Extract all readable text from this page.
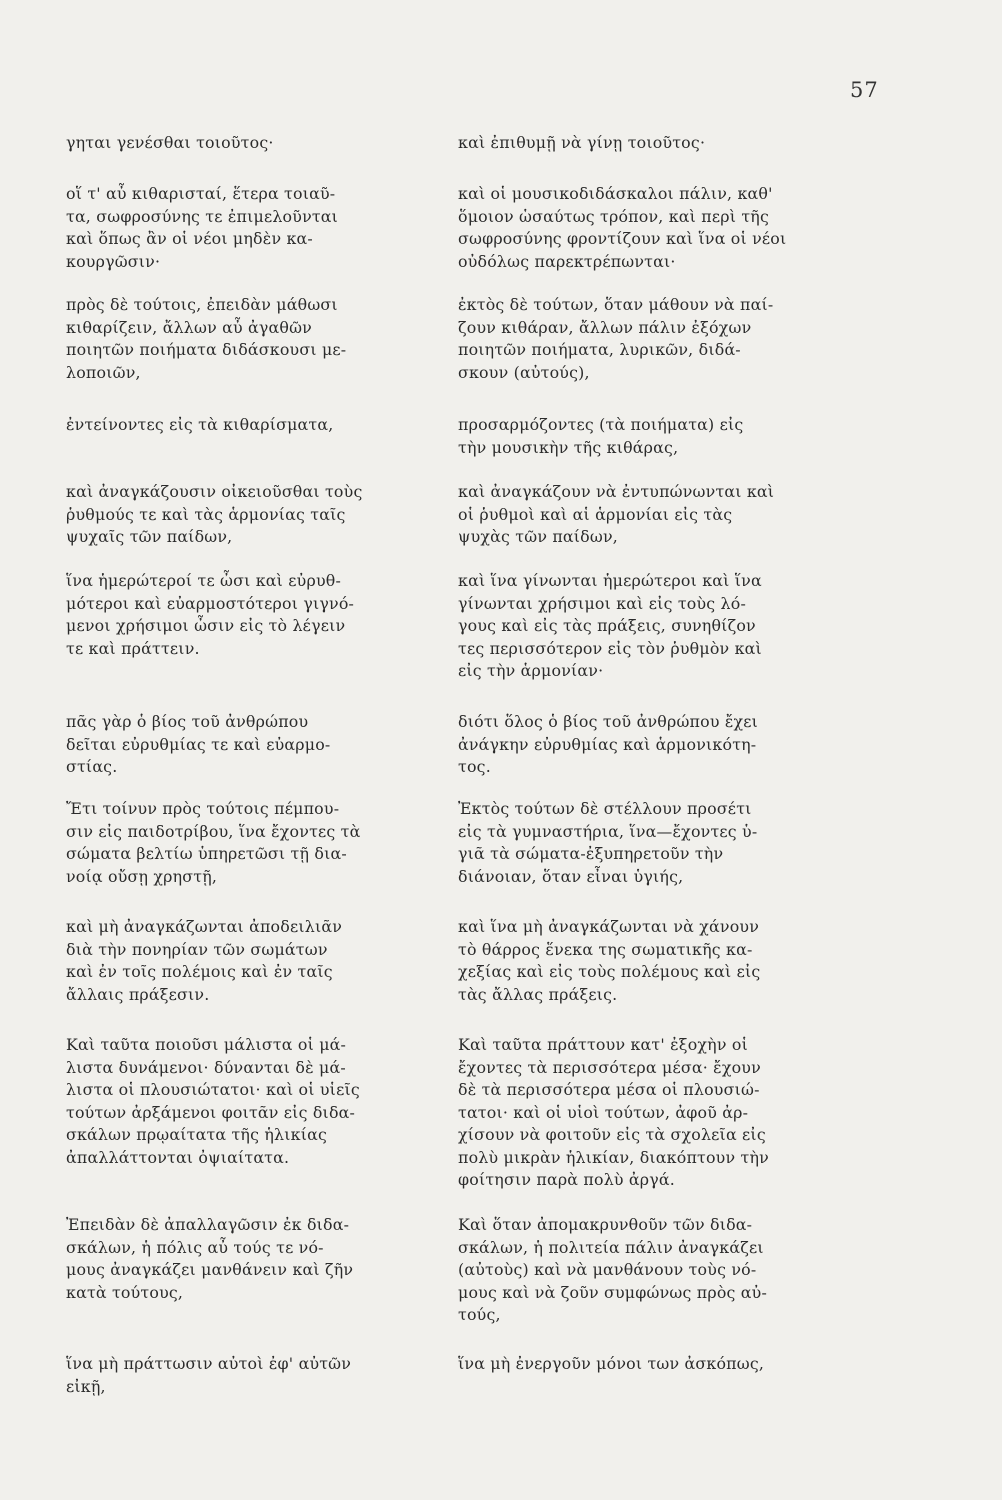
57
γηται γενέσθαι τοιοῦτος·
οἵ τ' αὖ κιθαρισταί, ἕτερα τοιαῦ-
τα, σωφροσύνης τε ἐπιμελοῦνται
καὶ ὅπως ἂν οἱ νέοι μηδὲν κα-
κουργῶσιν·
πρὸς δὲ τούτοις, ἐπειδὰν μάθωσι
κιθαρίζειν, ἄλλων αὖ ἀγαθῶν
ποιητῶν ποιήματα διδάσκουσι με-
λοποιῶν,
ἐντείνοντες εἰς τὰ κιθαρίσματα,
καὶ ἀναγκάζουσιν οἰκειοῦσθαι τοὺς
ῥυθμούς τε καὶ τὰς ἁρμονίας ταῖς
ψυχαῖς τῶν παίδων,
ἵνα ἡμερώτεροί τε ὦσι καὶ εὐρυθ-
μότεροι καὶ εὐαρμοστότεροι γιγνό-
μενοι χρήσιμοι ὦσιν εἰς τὸ λέγειν
τε καὶ πράττειν.
πᾶς γὰρ ὁ βίος τοῦ ἀνθρώπου
δεῖται εὐρυθμίας τε καὶ εὐαρμο-
στίας.
Ἔτι τοίνυν πρὸς τούτοις πέμπου-
σιν εἰς παιδοτρίβου, ἵνα ἔχοντες τὰ
σώματα βελτίω ὑπηρετῶσι τῇ δια-
νοίᾳ οὔσῃ χρηστῇ,
καὶ μὴ ἀναγκάζωνται ἀποδειλιᾶν
διὰ τὴν πονηρίαν τῶν σωμάτων
καὶ ἐν τοῖς πολέμοις καὶ ἐν ταῖς
ἄλλαις πράξεσιν.
Καὶ ταῦτα ποιοῦσι μάλιστα οἱ μά-
λιστα δυνάμενοι· δύνανται δὲ μά-
λιστα οἱ πλουσιώτατοι· καὶ οἱ υἱεῖς
τούτων ἀρξάμενοι φοιτᾶν εἰς διδα-
σκάλων πρῳαίτατα τῆς ἡλικίας
ἀπαλλάττονται ὀψιαίτατα.
Ἐπειδὰν δὲ ἀπαλλαγῶσιν ἐκ διδα-
σκάλων, ἡ πόλις αὖ τούς τε νό-
μους ἀναγκάζει μανθάνειν καὶ ζῆν
κατὰ τούτους,
ἵνα μὴ πράττωσιν αὐτοὶ ἐφ' αὐτῶν
εἰκῇ,
καὶ ἐπιθυμῇ νὰ γίνῃ τοιοῦτος·
καὶ οἱ μουσικοδιδάσκαλοι πάλιν, καθ'
ὅμοιον ὡσαύτως τρόπον, καὶ περὶ τῆς
σωφροσύνης φροντίζουν καὶ ἵνα οἱ νέοι
οὐδόλως παρεκτρέπωνται·
ἐκτὸς δὲ τούτων, ὅταν μάθουν νὰ παί-
ζουν κιθάραν, ἄλλων πάλιν ἐξόχων
ποιητῶν ποιήματα, λυρικῶν, διδά-
σκουν (αὐτούς),
προσαρμόζοντες (τὰ ποιήματα) εἰς
τὴν μουσικὴν τῆς κιθάρας,
καὶ ἀναγκάζουν νὰ ἐντυπώνωνται καὶ
οἱ ῥυθμοὶ καὶ αἱ ἁρμονίαι εἰς τὰς
ψυχὰς τῶν παίδων,
καὶ ἵνα γίνωνται ἡμερώτεροι καὶ ἵνα
γίνωνται χρήσιμοι καὶ εἰς τοὺς λό-
γους καὶ εἰς τὰς πράξεις, συνηθίζον
τες περισσότερον εἰς τὸν ῥυθμὸν καὶ
εἰς τὴν ἁρμονίαν·
διότι ὅλος ὁ βίος τοῦ ἀνθρώπου ἔχει
ἀνάγκην εὐρυθμίας καὶ ἁρμονικότη-
τος.
Ἐκτὸς τούτων δὲ στέλλουν προσέτι
εἰς τὰ γυμναστήρια, ἵνα—ἔχοντες ὑ-
γιᾶ τὰ σώματα-ἐξυπηρετοῦν τὴν
διάνοιαν, ὅταν εἶναι ὑγιής,
καὶ ἵνα μὴ ἀναγκάζωνται νὰ χάνουν
τὸ θάρρος ἕνεκα της σωματικῆς κα-
χεξίας καὶ εἰς τοὺς πολέμους καὶ εἰς
τὰς ἄλλας πράξεις.
Καὶ ταῦτα πράττουν κατ' ἐξοχὴν οἱ
ἔχοντες τὰ περισσότερα μέσα· ἔχουν
δὲ τὰ περισσότερα μέσα οἱ πλουσιώ-
τατοι· καὶ οἱ υἱοὶ τούτων, ἀφοῦ ἀρ-
χίσουν νὰ φοιτοῦν εἰς τὰ σχολεῖα εἰς
πολὺ μικρὰν ἡλικίαν, διακόπτουν τὴν
φοίτησιν παρὰ πολὺ ἀργά.
Καὶ ὅταν ἀπομακρυνθοῦν τῶν διδα-
σκάλων, ἡ πολιτεία πάλιν ἀναγκάζει
(αὐτοὺς) καὶ νὰ μανθάνουν τοὺς νό-
μους καὶ νὰ ζοῦν συμφώνως πρὸς αὐ-
τούς,
ἵνα μὴ ἐνεργοῦν μόνοι των ἀσκόπως,
